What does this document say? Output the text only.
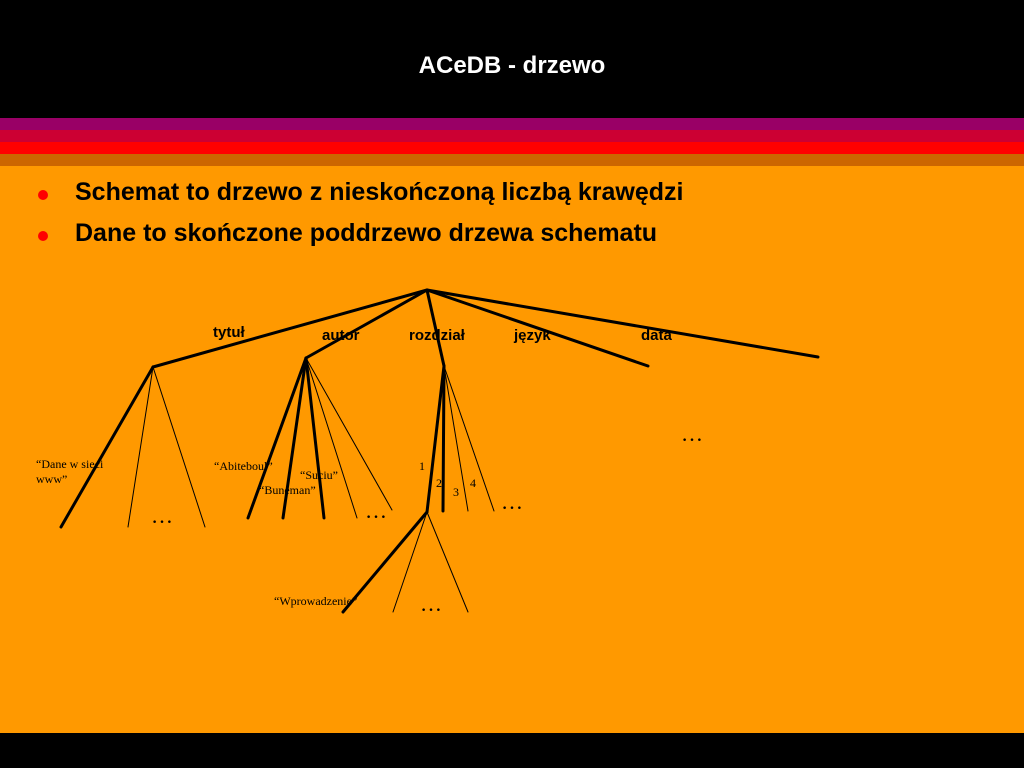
ACeDB - drzewo
Schemat to drzewo z nieskończoną liczbą krawędzi
Dane to skończone poddrzewo drzewa schematu
tytuł	autor	rozdział	język	data
“Dane w sieci www”
“Abiteboul”
“Suciu”
“Buneman”
1
2
3
4
“Wprowadzenie”
…	…	…
…
…
